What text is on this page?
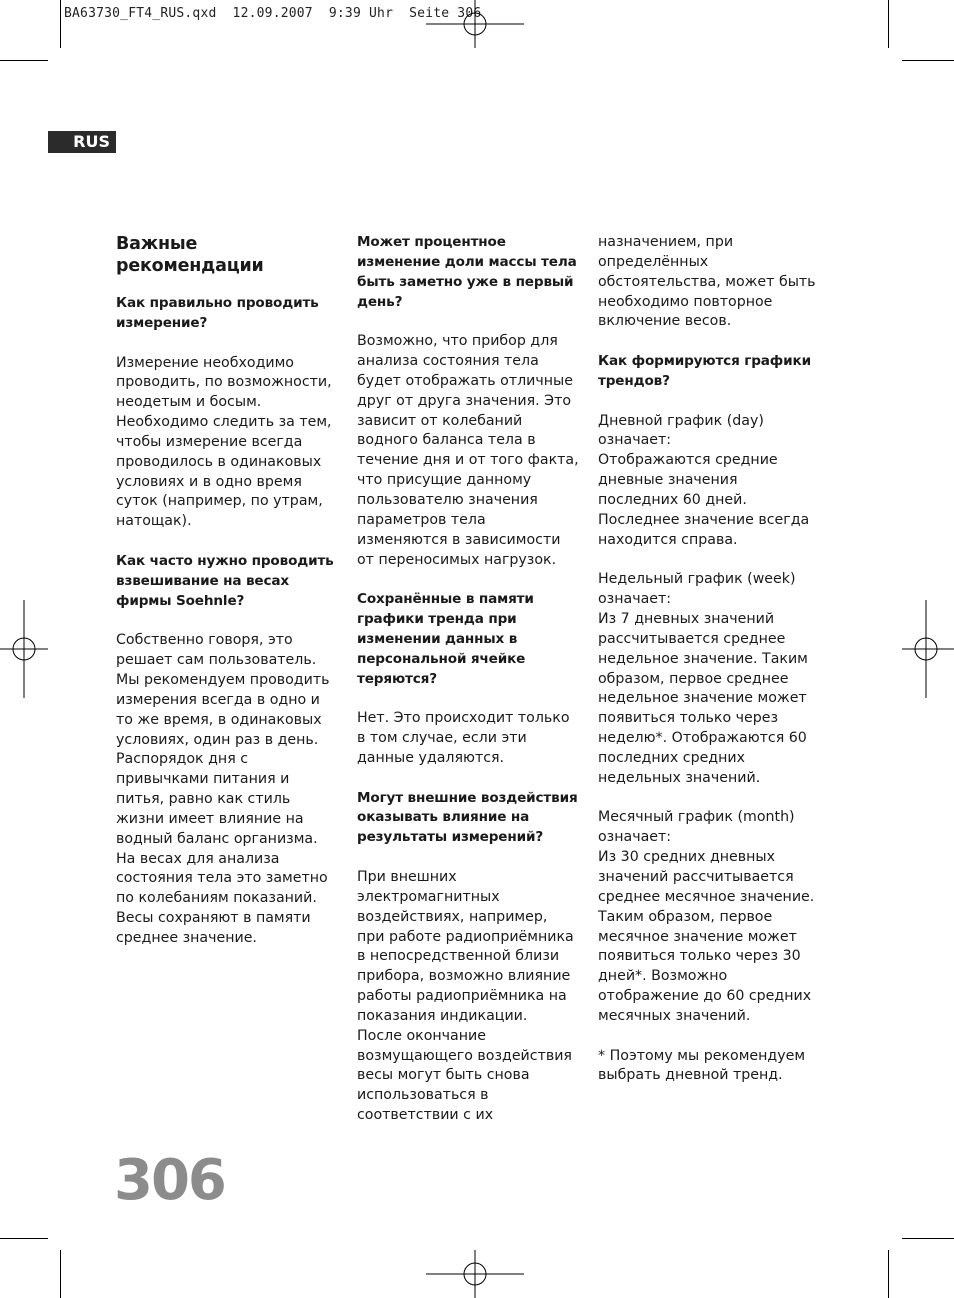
BA63730_FT4_RUS.qxd  12.09.2007  9:39 Uhr  Seite 306
RUS
Важные рекомендации
Как правильно проводить
измерение?
Измерение необходимо
проводить, по возможности,
неодетым и босым.
Необходимо следить за тем,
чтобы измерение всегда
проводилось в одинаковых
условиях и в одно время
суток (например, по утрам,
натощак).
Как часто нужно проводить
взвешивание на весах
фирмы Soehnle?
Собственно говоря, это
решает сам пользователь.
Мы рекомендуем проводить
измерения всегда в одно и
то же время, в одинаковых
условиях, один раз в день.
Распорядок дня с
привычками питания и
питья, равно как стиль
жизни имеет влияние на
водный баланс организма.
На весах для анализа
состояния тела это заметно
по колебаниям показаний.
Весы сохраняют в памяти
среднее значение.
Может процентное
изменение доли массы тела
быть заметно уже в первый
день?
Возможно, что прибор для
анализа состояния тела
будет отображать отличные
друг от друга значения. Это
зависит от колебаний
водного баланса тела в
течение дня и от того факта,
что присущие данному
пользователю значения
параметров тела
изменяются в зависимости
от переносимых нагрузок.
Сохранённые в памяти
графики тренда при
изменении данных в
персональной ячейке
теряются?
Нет. Это происходит только
в том случае, если эти
данные удаляются.
Могут внешние воздействия
оказывать влияние на
результаты измерений?
При внешних
электромагнитных
воздействиях, например,
при работе радиоприёмника
в непосредственной близи
прибора, возможно влияние
работы радиоприёмника на
показания индикации.
После окончание
возмущающего воздействия
весы могут быть снова
использоваться в
соответствии с их
назначением, при
определённых
обстоятельства, может быть
необходимо повторное
включение весов.
Как формируются графики
трендов?
Дневной график (day)
означает:
Отображаются средние
дневные значения
последних 60 дней.
Последнее значение всегда
находится справа.
Недельный график (week)
означает:
Из 7 дневных значений
рассчитывается среднее
недельное значение. Таким
образом, первое среднее
недельное значение может
появиться только через
неделю*. Отображаются 60
последних средних
недельных значений.
Месячный график (month)
означает:
Из 30 средних дневных
значений рассчитывается
среднее месячное значение.
Таким образом, первое
месячное значение может
появиться только через 30
дней*. Возможно
отображение до 60 средних
месячных значений.
* Поэтому мы рекомендуем
выбрать дневной тренд.
306
